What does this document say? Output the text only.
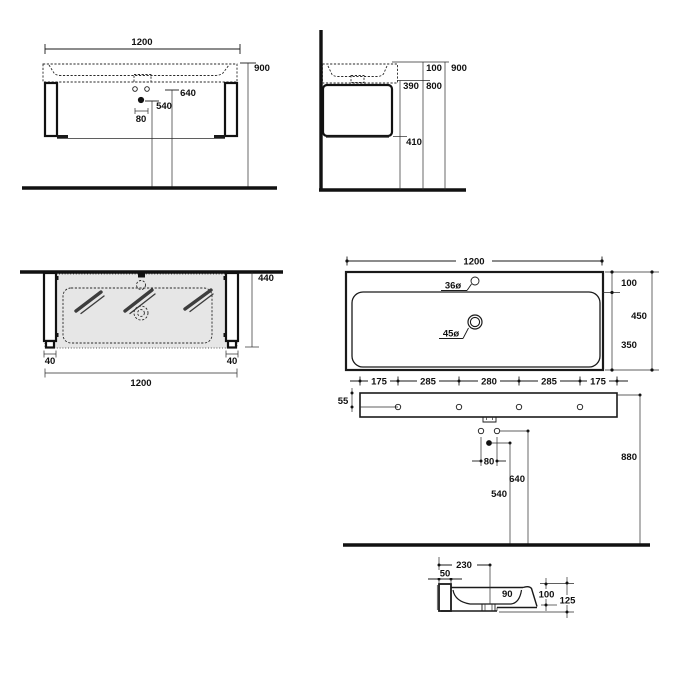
1200
900
640
540
80
100 900
390 800
410
440
40	40
1200
1200
36ø
45ø
100
450
350
175	285	280	285	175
55
80
640
540
880
230
50
90	100
125
